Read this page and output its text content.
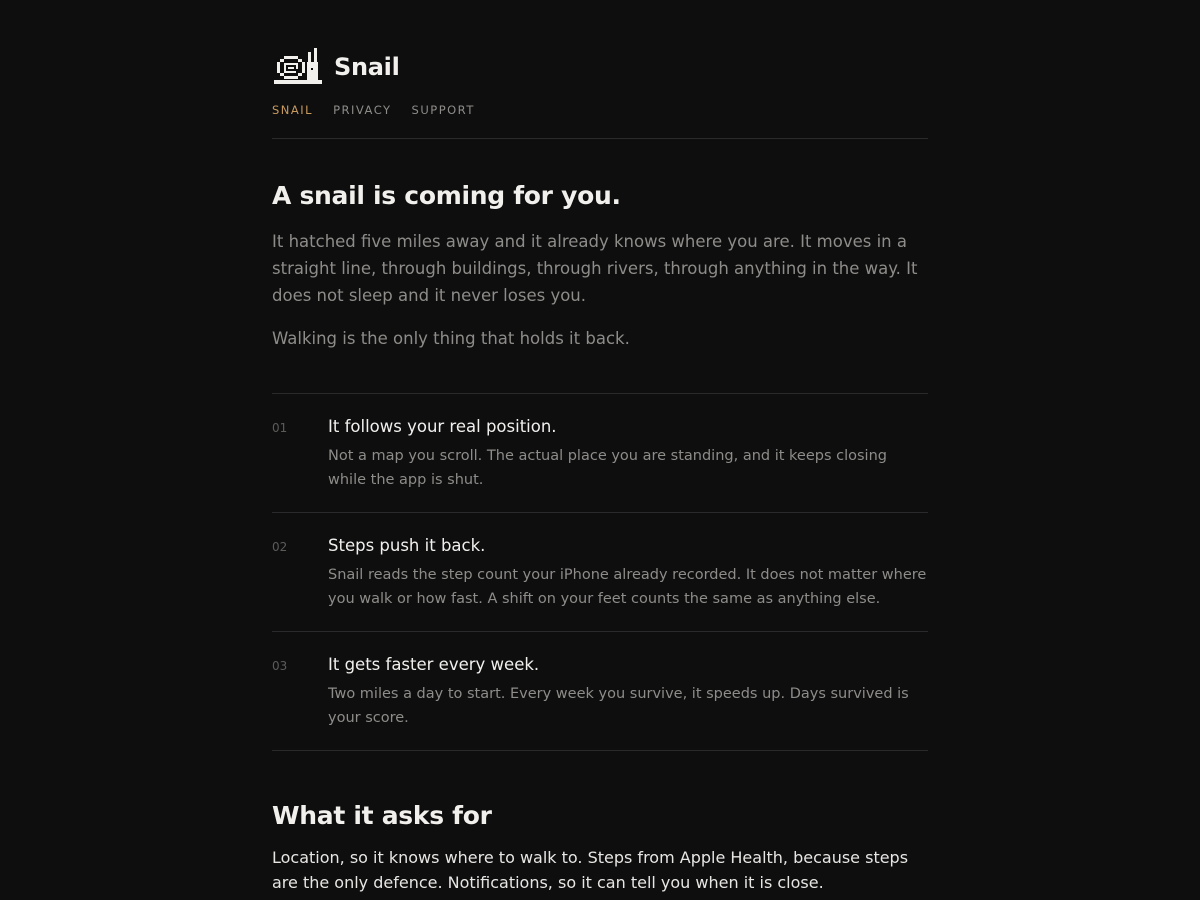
Snail
SNAIL PRIVACY SUPPORT
A snail is coming for you.

It hatched five miles away and it already knows where you are. It moves in a straight line, through buildings, through rivers, through anything in the way. It does not sleep and it never loses you.

Walking is the only thing that holds it back.

01	It follows your real position.
Not a map you scroll. The actual place you are standing, and it keeps closing while the app is shut.
02	Steps push it back.
Snail reads the step count your iPhone already recorded. It does not matter where you walk or how fast. A shift on your feet counts the same as anything else.
03	It gets faster every week.
Two miles a day to start. Every week you survive, it speeds up. Days survived is your score.
What it asks for
Location, so it knows where to walk to. Steps from Apple Health, because steps are the only defence. Notifications, so it can tell you when it is close.
